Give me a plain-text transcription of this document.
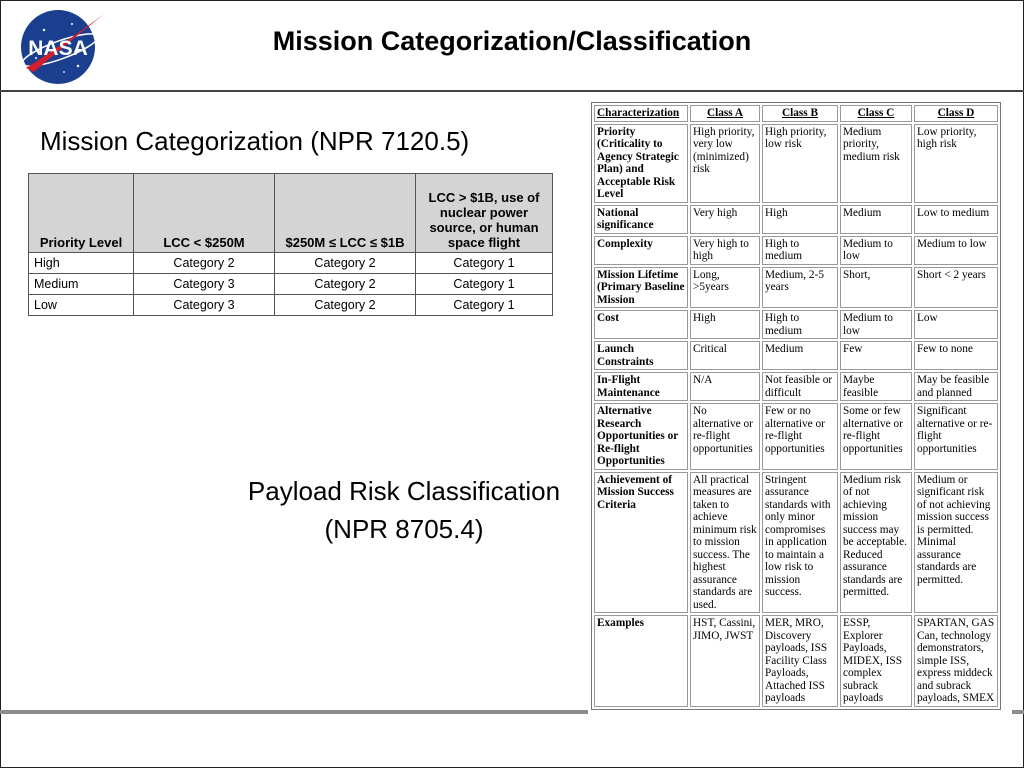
NASA	Mission Categorization/Classification
Mission Categorization (NPR 7120.5)
Priority Level	LCC < $250M	$250M ≤ LCC ≤ $1B	LCC > $1B, use of nuclear power source, or human space flight
High	Category 2	Category 2	Category 1
Medium	Category 3	Category 2	Category 1
Low	Category 3	Category 2	Category 1
Payload Risk Classification
(NPR 8705.4)
Characterization	Class A	Class B	Class C	Class D
Priority (Criticality to Agency Strategic Plan) and Acceptable Risk Level	High priority, very low (minimized) risk	High priority, low risk	Medium priority, medium risk	Low priority, high risk
National significance	Very high	High	Medium	Low to medium
Complexity	Very high to high	High to medium	Medium to low	Medium to low
Mission Lifetime (Primary Baseline Mission	Long, >5years	Medium, 2-5 years	Short,	Short < 2 years
Cost	High	High to medium	Medium to low	Low
Launch Constraints	Critical	Medium	Few	Few to none
In-Flight Maintenance	N/A	Not feasible or difficult	Maybe feasible	May be feasible and planned
Alternative Research Opportunities or Re-flight Opportunities	No alternative or re-flight opportunities	Few or no alternative or re-flight opportunities	Some or few alternative or re-flight opportunities	Significant alternative or re-flight opportunities
Achievement of Mission Success Criteria	All practical measures are taken to achieve minimum risk to mission success. The highest assurance standards are used.	Stringent assurance standards with only minor compromises in application to maintain a low risk to mission success.	Medium risk of not achieving mission success may be acceptable. Reduced assurance standards are permitted.	Medium or significant risk of not achieving mission success is permitted. Minimal assurance standards are permitted.
Examples	HST, Cassini, JIMO, JWST	MER, MRO, Discovery payloads, ISS Facility Class Payloads, Attached ISS payloads	ESSP, Explorer Payloads, MIDEX, ISS complex subrack payloads	SPARTAN, GAS Can, technology demonstrators, simple ISS, express middeck and subrack payloads, SMEX
